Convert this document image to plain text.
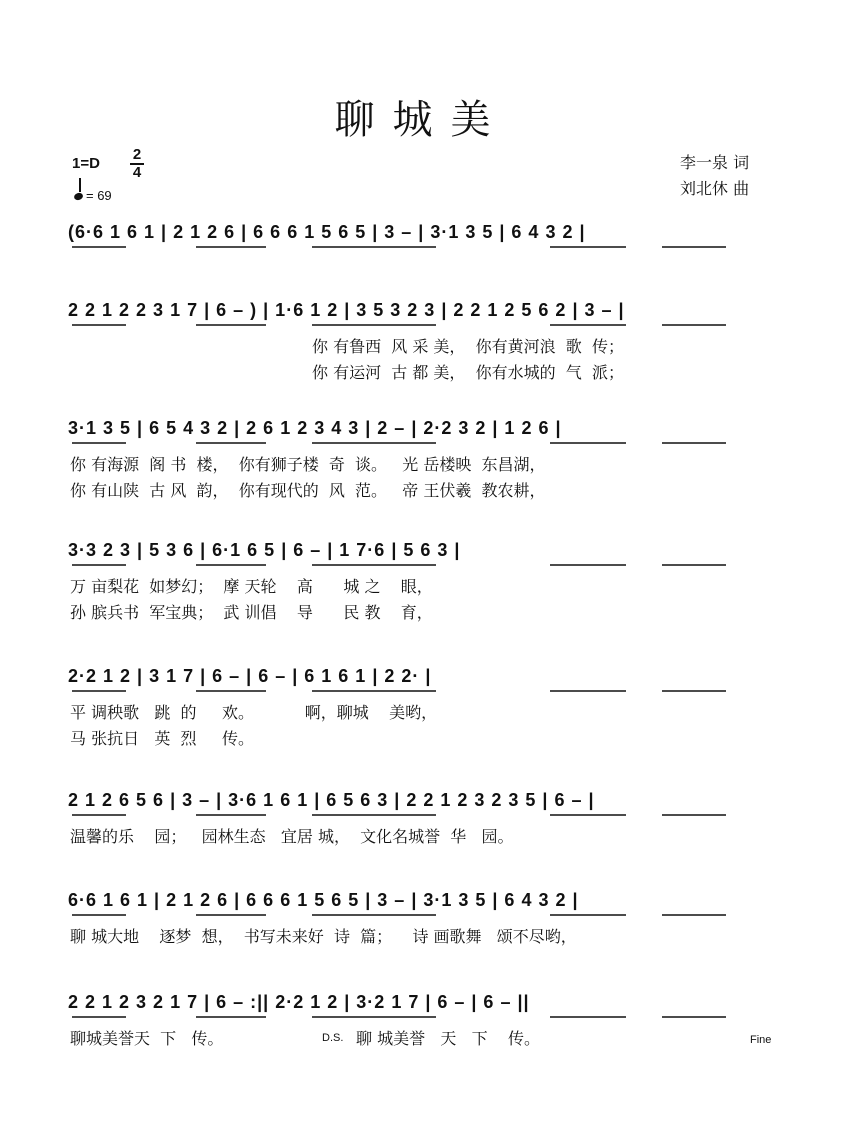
聊城美
1=D
2
4
= 69
李一泉 词
刘北休 曲
(6·6 1 6 1 | 2 1 2 6 | 6 6 6 1 5 6 5 | 3 – | 3·1 3 5 | 6 4 3 2 |
2 2 1 2 2 3 1 7 | 6 – ) | 1·6 1 2 | 3 5 3 2 3 | 2 2 1 2 5 6 2 | 3 – |
你 有鲁西  风 采 美，  你有黄河浪  歌  传；
你 有运河  古 都 美，  你有水城的  气  派；
3·1 3 5 | 6 5 4 3 2 | 2 6 1 2 3 4 3 | 2 – | 2·2 3 2 | 1 2 6 |
你 有海源  阁 书  楼，  你有狮子楼  奇  谈。   光 岳楼映  东昌湖，
你 有山陕  古 风  韵，  你有现代的  风  范。   帝 王伏羲  教农耕，
3·3 2 3 | 5 3 6 | 6·1 6 5 | 6 – | 1 7·6 | 5 6 3 |
万 亩梨花  如梦幻；  摩 天轮    高      城 之    眼，
孙 膑兵书  军宝典；  武 训倡    导      民 教    育，
2·2 1 2 | 3 1 7 | 6 – | 6 – | 6 1 6 1 | 2 2· |
平 调秧歌   跳  的     欢。          啊，聊城    美哟，
马 张抗日   英  烈     传。
2 1 2 6 5 6 | 3 – | 3·6 1 6 1 | 6 5 6 3 | 2 2 1 2 3 2 3 5 | 6 – |
温馨的乐    园；   园林生态   宜居 城，  文化名城誉  华   园。
6·6 1 6 1 | 2 1 2 6 | 6 6 6 1 5 6 5 | 3 – | 3·1 3 5 | 6 4 3 2 |
聊 城大地    逐梦  想，  书写未来好  诗  篇；    诗 画歌舞   颂不尽哟，
2 2 1 2 3 2 1 7 | 6 – :|| 2·2 1 2 | 3·2 1 7 | 6 – | 6 – ||
聊城美誉天  下   传。	聊 城美誉   天   下    传。
D.S.	Fine
